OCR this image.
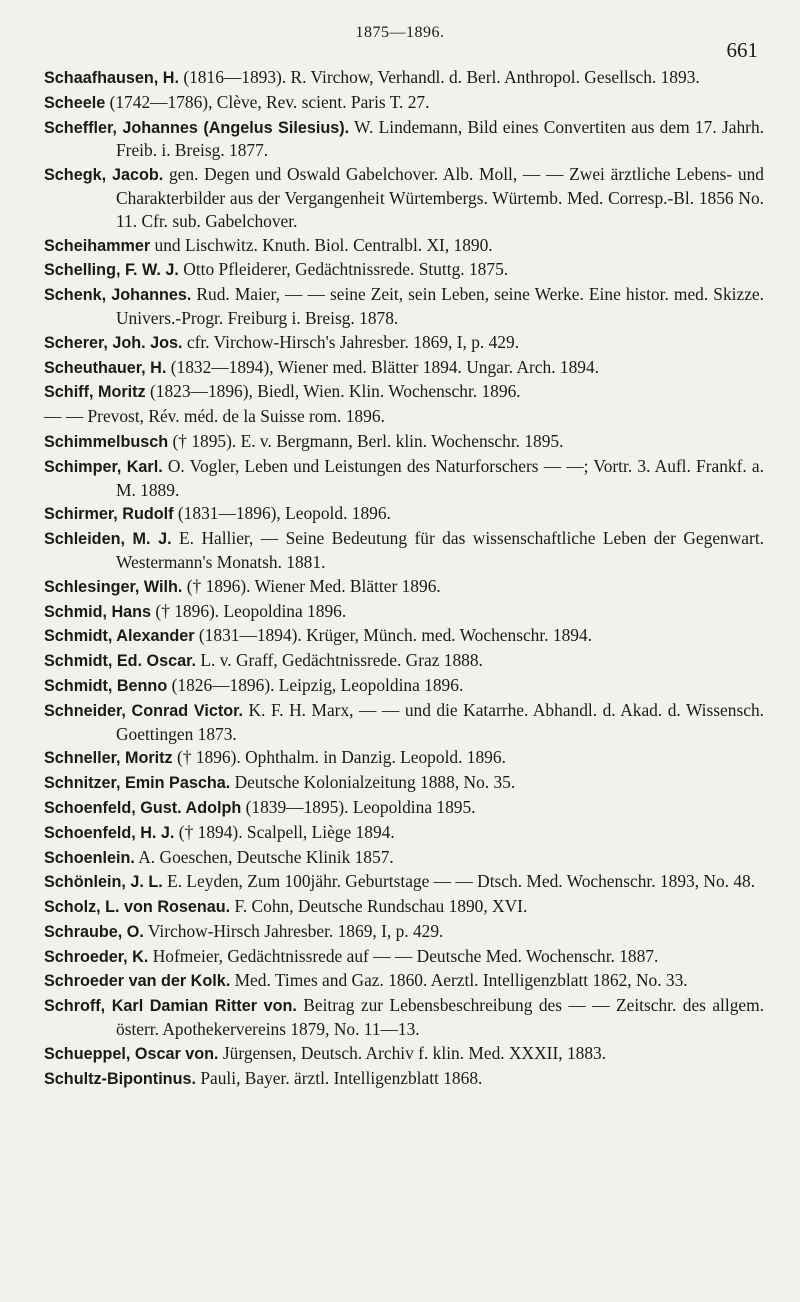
1875—1896.
661
Schaafhausen, H. (1816—1893). R. Virchow, Verhandl. d. Berl. Anthropol. Gesellsch. 1893.
Scheele (1742—1786), Clève, Rev. scient. Paris T. 27.
Scheffler, Johannes (Angelus Silesius). W. Lindemann, Bild eines Convertiten aus dem 17. Jahrh. Freib. i. Breisg. 1877.
Schegk, Jacob. gen. Degen und Oswald Gabelchover. Alb. Moll, — — Zwei ärztliche Lebens- und Charakterbilder aus der Vergangenheit Würtembergs. Würtemb. Med. Corresp.-Bl. 1856 No. 11. Cfr. sub. Gabelchover.
Scheihammer und Lischwitz. Knuth. Biol. Centralbl. XI, 1890.
Schelling, F. W. J. Otto Pfleiderer, Gedächtnissrede. Stuttg. 1875.
Schenk, Johannes. Rud. Maier, — — seine Zeit, sein Leben, seine Werke. Eine histor. med. Skizze. Univers.-Progr. Freiburg i. Breisg. 1878.
Scherer, Joh. Jos. cfr. Virchow-Hirsch's Jahresber. 1869, I, p. 429.
Scheuthauer, H. (1832—1894), Wiener med. Blätter 1894. Ungar. Arch. 1894.
Schiff, Moritz (1823—1896), Biedl, Wien. Klin. Wochenschr. 1896.
— — Prevost, Rév. méd. de la Suisse rom. 1896.
Schimmelbusch († 1895). E. v. Bergmann, Berl. klin. Wochenschr. 1895.
Schimper, Karl. O. Vogler, Leben und Leistungen des Naturforschers — —; Vortr. 3. Aufl. Frankf. a. M. 1889.
Schirmer, Rudolf (1831—1896), Leopold. 1896.
Schleiden, M. J. E. Hallier, — Seine Bedeutung für das wissenschaftliche Leben der Gegenwart. Westermann's Monatsh. 1881.
Schlesinger, Wilh. († 1896). Wiener Med. Blätter 1896.
Schmid, Hans († 1896). Leopoldina 1896.
Schmidt, Alexander (1831—1894). Krüger, Münch. med. Wochenschr. 1894.
Schmidt, Ed. Oscar. L. v. Graff, Gedächtnissrede. Graz 1888.
Schmidt, Benno (1826—1896). Leipzig, Leopoldina 1896.
Schneider, Conrad Victor. K. F. H. Marx, — — und die Katarrhe. Abhandl. d. Akad. d. Wissensch. Goettingen 1873.
Schneller, Moritz († 1896). Ophthalm. in Danzig. Leopold. 1896.
Schnitzer, Emin Pascha. Deutsche Kolonialzeitung 1888, No. 35.
Schoenfeld, Gust. Adolph (1839—1895). Leopoldina 1895.
Schoenfeld, H. J. († 1894). Scalpell, Liège 1894.
Schoenlein. A. Goeschen, Deutsche Klinik 1857.
Schönlein, J. L. E. Leyden, Zum 100jähr. Geburtstage — — Dtsch. Med. Wochenschr. 1893, No. 48.
Scholz, L. von Rosenau. F. Cohn, Deutsche Rundschau 1890, XVI.
Schraube, O. Virchow-Hirsch Jahresber. 1869, I, p. 429.
Schroeder, K. Hofmeier, Gedächtnissrede auf — — Deutsche Med. Wochenschr. 1887.
Schroeder van der Kolk. Med. Times and Gaz. 1860. Aerztl. Intelligenzblatt 1862, No. 33.
Schroff, Karl Damian Ritter von. Beitrag zur Lebensbeschreibung des — — Zeitschr. des allgem. österr. Apothekervereins 1879, No. 11—13.
Schueppel, Oscar von. Jürgensen, Deutsch. Archiv f. klin. Med. XXXII, 1883.
Schultz-Bipontinus. Pauli, Bayer. ärztl. Intelligenzblatt 1868.
